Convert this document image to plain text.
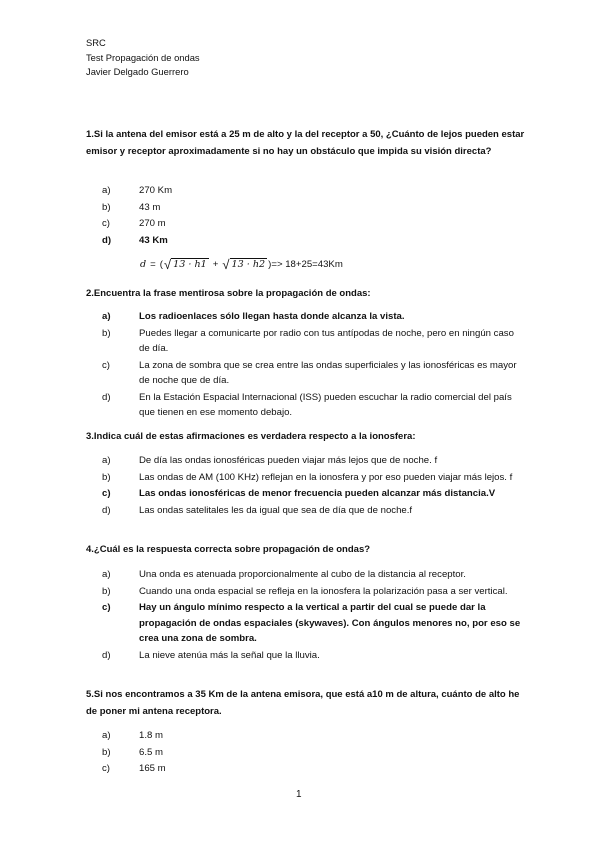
SRC
Test Propagación de ondas
Javier Delgado Guerrero
1.Si la antena del emisor está a 25 m de alto y la del receptor a 50, ¿Cuánto de lejos pueden estar emisor y receptor aproximadamente si no hay un obstáculo que impida su visión directa?
a)	270 Km
b)	43 m
c)	270 m
d)	43 Km
d = ( √ 13 · h1 + √ 13 · h2 ) => 18+25=43Km
2.Encuentra la frase mentirosa sobre la propagación de ondas:
a)	Los radioenlaces sólo llegan hasta donde alcanza la vista.
b)	Puedes llegar a comunicarte por radio con tus antípodas de noche, pero en ningún caso de día.
c)	La zona de sombra que se crea entre las ondas superficiales y las ionosféricas es mayor de noche que de día.
d)	En la Estación Espacial Internacional (ISS) pueden escuchar la radio comercial del país que tienen en ese momento debajo.
3.Indica cuál de estas afirmaciones es verdadera respecto a la ionosfera:
a)	De día las ondas ionosféricas pueden viajar más lejos que de noche. f
b)	Las ondas de AM (100 KHz) reflejan en la ionosfera y por eso pueden viajar más lejos. f
c)	Las ondas ionosféricas de menor frecuencia pueden alcanzar más distancia.V
d)	Las ondas satelitales les da igual que sea de día que de noche.f
4.¿Cuál es la respuesta correcta sobre propagación de ondas?
a)	Una onda es atenuada proporcionalmente al cubo de la distancia al receptor.
b)	Cuando una onda espacial se refleja en la ionosfera la polarización pasa a ser vertical.
c)	Hay un ángulo mínimo respecto a la vertical a partir del cual se puede dar la propagación de ondas espaciales (skywaves). Con ángulos menores no, por eso se crea una zona de sombra.
d)	La nieve atenúa más la señal que la lluvia.
5.Si nos encontramos a 35 Km de la antena emisora, que está a10 m de altura, cuánto de alto he de poner mi antena receptora.
a)	1.8 m
b)	6.5 m
c)	165 m
1
